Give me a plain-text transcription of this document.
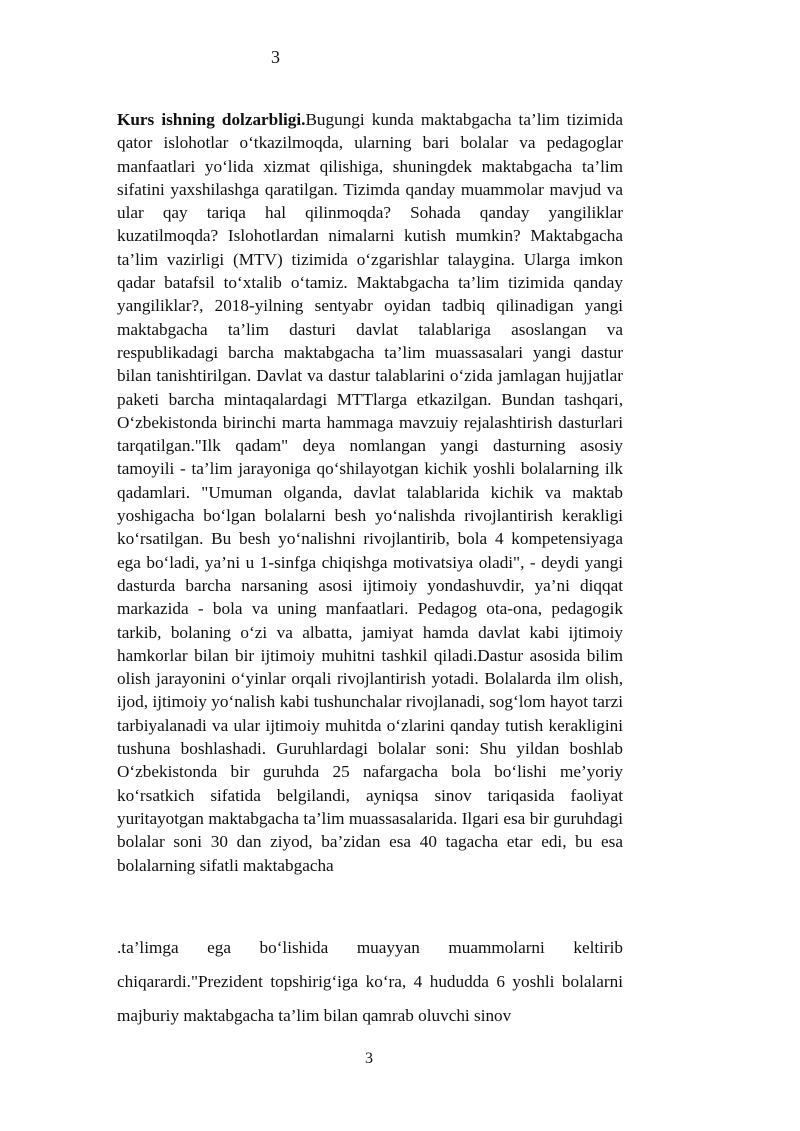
3

Kurs ishning dolzarbligi.Bugungi kunda maktabgacha ta’lim tizimida qator islohotlar o‘tkazilmoqda, ularning bari bolalar va pedagoglar manfaatlari yo‘lida xizmat qilishiga, shuningdek maktabgacha ta’lim sifatini yaxshilashga qaratilgan. Tizimda qanday muammolar mavjud va ular qay tariqa hal qilinmoqda? Sohada qanday yangiliklar kuzatilmoqda? Islohotlardan nimalarni kutish mumkin? Maktabgacha ta’lim vazirligi (MTV) tizimida o‘zgarishlar talaygina. Ularga imkon qadar batafsil to‘xtalib o‘tamiz. Maktabgacha ta’lim tizimida qanday yangiliklar?, 2018-yilning sentyabr oyidan tadbiq qilinadigan yangi maktabgacha ta’lim dasturi davlat talablariga asoslangan va respublikadagi barcha maktabgacha ta’lim muassasalari yangi dastur bilan tanishtirilgan. Davlat va dastur talablarini o‘zida jamlagan hujjatlar paketi barcha mintaqalardagi MTTlarga etkazilgan. Bundan tashqari, O‘zbekistonda birinchi marta hammaga mavzuiy rejalashtirish dasturlari tarqatilgan."Ilk qadam" deya nomlangan yangi dasturning asosiy tamoyili - ta’lim jarayoniga qo‘shilayotgan kichik yoshli bolalarning ilk qadamlari. "Umuman olganda, davlat talablarida kichik va maktab yoshigacha bo‘lgan bolalarni besh yo‘nalishda rivojlantirish kerakligi ko‘rsatilgan. Bu besh yo‘nalishni rivojlantirib, bola 4 kompetensiyaga ega bo‘ladi, ya’ni u 1-sinfga chiqishga motivatsiya oladi", - deydi yangi dasturda barcha narsaning asosi ijtimoiy yondashuvdir, ya’ni diqqat markazida - bola va uning manfaatlari. Pedagog ota-ona, pedagogik tarkib, bolaning o‘zi va albatta, jamiyat hamda davlat kabi ijtimoiy hamkorlar bilan bir ijtimoiy muhitni tashkil qiladi.Dastur asosida bilim olish jarayonini o‘yinlar orqali rivojlantirish yotadi. Bolalarda ilm olish, ijod, ijtimoiy yo‘nalish kabi tushunchalar rivojlanadi, sog‘lom hayot tarzi tarbiyalanadi va ular ijtimoiy muhitda o‘zlarini qanday tutish kerakligini tushuna boshlashadi. Guruhlardagi bolalar soni: Shu yildan boshlab O‘zbekistonda bir guruhda 25 nafargacha bola bo‘lishi me’yoriy ko‘rsatkich sifatida belgilandi, ayniqsa sinov tariqasida faoliyat yuritayotgan maktabgacha ta’lim muassasalarida. Ilgari esa bir guruhdagi bolalar soni 30 dan ziyod, ba’zidan esa 40 tagacha etar edi, bu esa bolalarning sifatli maktabgacha

.ta’limga ega bo‘lishida muayyan muammolarni keltirib chiqarardi."Prezident topshirig‘iga ko‘ra, 4 hududda 6 yoshli bolalarni majburiy maktabgacha ta’lim bilan qamrab oluvchi sinov

3
